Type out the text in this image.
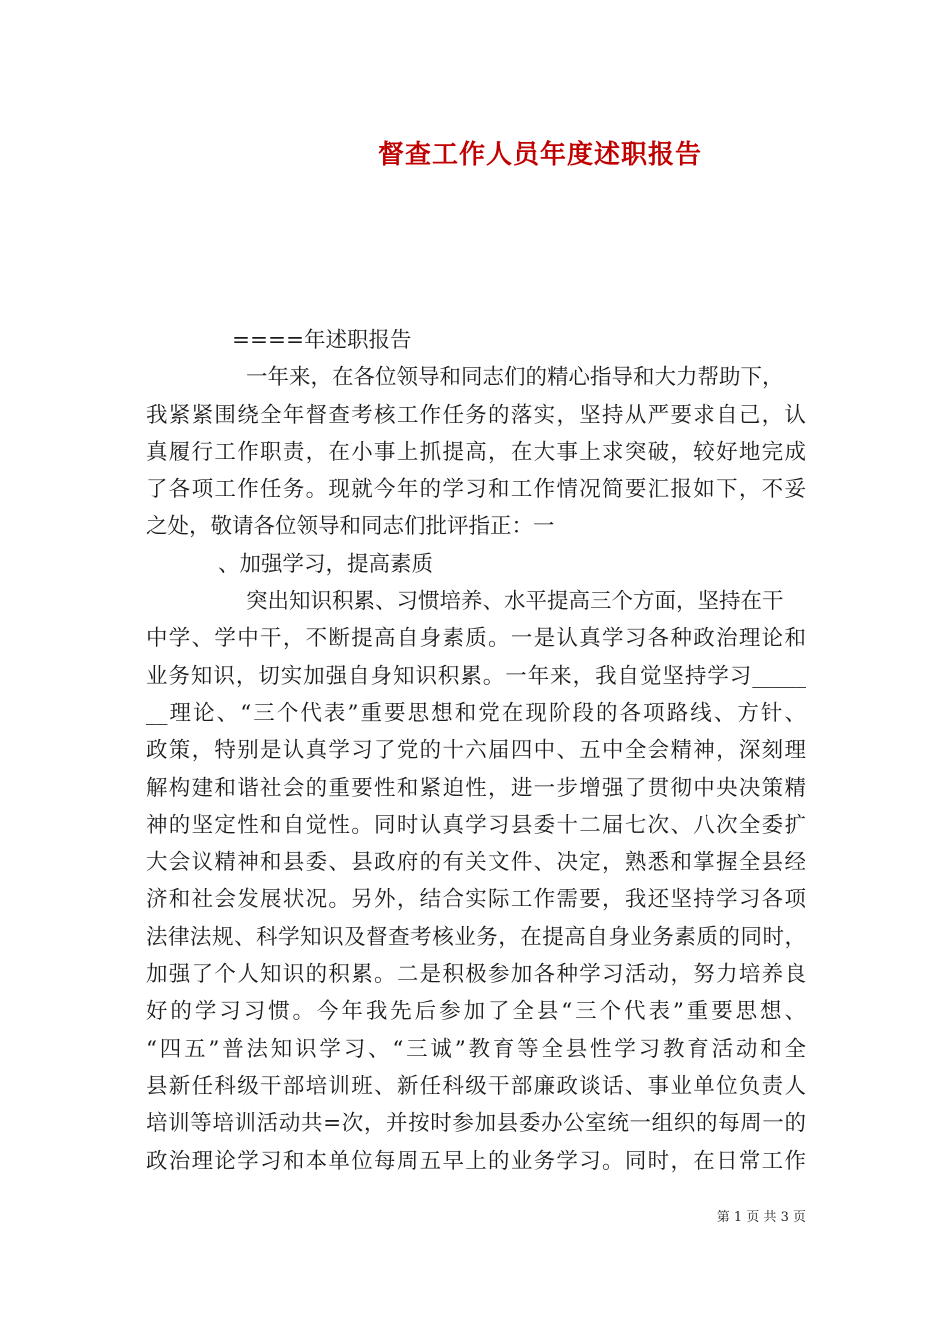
督查工作人员年度述职报告
====年述职报告
一年来，在各位领导和同志们的精心指导和大力帮助下，
我紧紧围绕全年督查考核工作任务的落实，坚持从严要求自己，认
真履行工作职责，在小事上抓提高，在大事上求突破，较好地完成
了各项工作任务。现就今年的学习和工作情况简要汇报如下，不妥
之处，敬请各位领导和同志们批评指正：一
、加强学习，提高素质
突出知识积累、习惯培养、水平提高三个方面，坚持在干
中学、学中干，不断提高自身素质。一是认真学习各种政治理论和
业务知识，切实加强自身知识积累。一年来，我自觉坚持学习_____
__理论、“三个代表”重要思想和党在现阶段的各项路线、方针、
政策，特别是认真学习了党的十六届四中、五中全会精神，深刻理
解构建和谐社会的重要性和紧迫性，进一步增强了贯彻中央决策精
神的坚定性和自觉性。同时认真学习县委十二届七次、八次全委扩
大会议精神和县委、县政府的有关文件、决定，熟悉和掌握全县经
济和社会发展状况。另外，结合实际工作需要，我还坚持学习各项
法律法规、科学知识及督查考核业务，在提高自身业务素质的同时，
加强了个人知识的积累。二是积极参加各种学习活动，努力培养良
好的学习习惯。今年我先后参加了全县“三个代表”重要思想、
“四五”普法知识学习、“三诚”教育等全县性学习教育活动和全
县新任科级干部培训班、新任科级干部廉政谈话、事业单位负责人
培训等培训活动共=次，并按时参加县委办公室统一组织的每周一的
政治理论学习和本单位每周五早上的业务学习。同时，在日常工作
第 1 页 共 3 页
